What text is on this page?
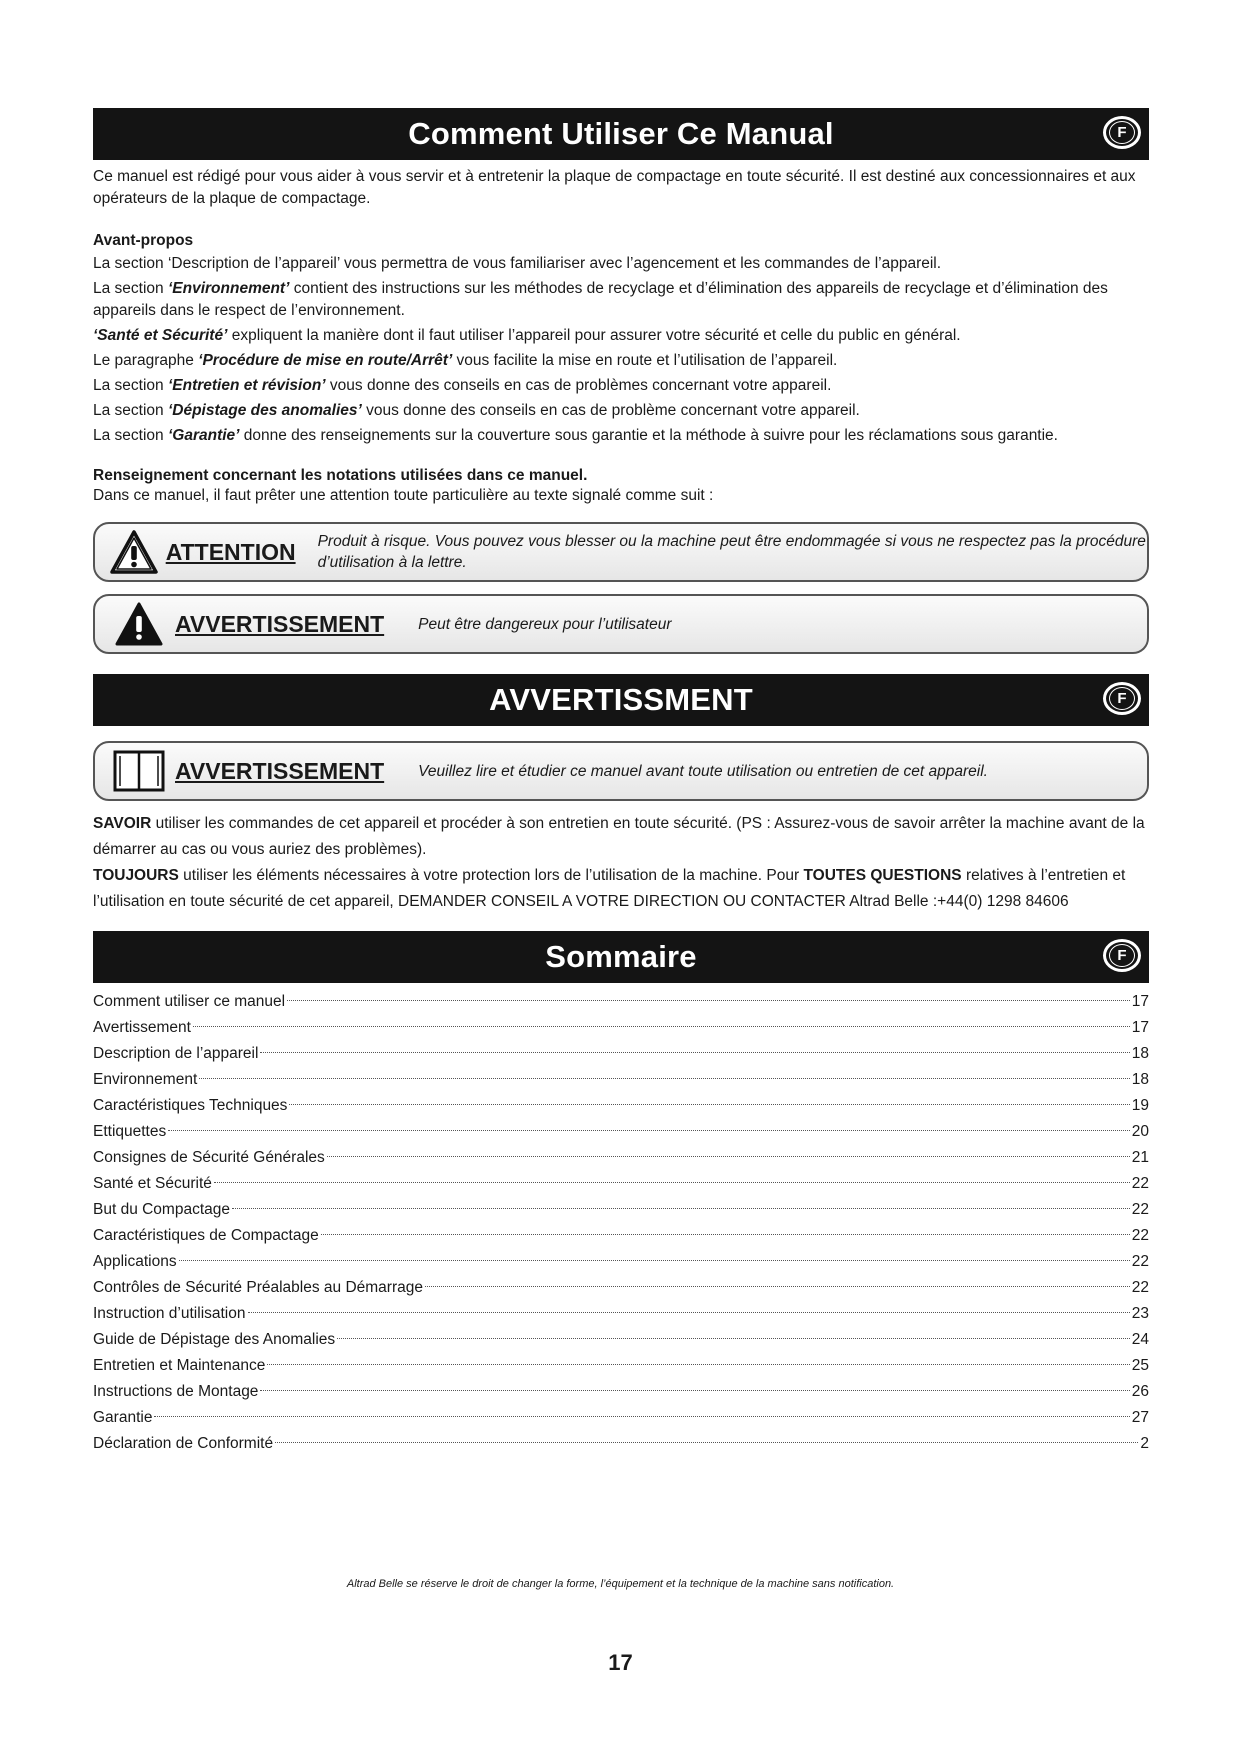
Comment Utiliser Ce Manual	F

Ce manuel est rédigé pour vous aider à vous servir et à entretenir la plaque de compactage en toute sécurité. Il est destiné aux concessionnaires et aux opérateurs de la plaque de compactage.

Avant-propos

La section ‘Description de l’appareil’ vous permettra de vous familiariser avec l’agencement et les commandes de l’appareil.

La section ‘Environnement’ contient des instructions sur les méthodes de recyclage et d’élimination des appareils de recyclage et d’élimination des appareils dans le respect de l’environnement.

‘Santé et Sécurité’ expliquent la manière dont il faut utiliser l’appareil pour assurer votre sécurité et celle du public en général.

Le paragraphe ‘Procédure de mise en route/Arrêt’ vous facilite la mise en route et l’utilisation de l’appareil.

La section ‘Entretien et révision’ vous donne des conseils en cas de problèmes concernant votre appareil.

La section ‘Dépistage des anomalies’ vous donne des conseils en cas de problème concernant votre appareil.

La section ‘Garantie’ donne des renseignements sur la couverture sous garantie et la méthode à suivre pour les réclamations sous garantie.

Renseignement concernant les notations utilisées dans ce manuel.

Dans ce manuel, il faut prêter une attention toute particulière au texte signalé comme suit :

ATTENTION Produit à risque. Vous pouvez vous blesser ou la machine peut être endommagée si vous ne respectez pas la procédure d’utilisation à la lettre.
AVVERTISSEMENT Peut être dangereux pour l’utilisateur
AVVERTISSMENT	F
AVVERTISSEMENT Veuillez lire et étudier ce manuel avant toute utilisation ou entretien de cet appareil.

SAVOIR utiliser les commandes de cet appareil et procéder à son entretien en toute sécurité. (PS : Assurez-vous de savoir arrêter la machine avant de la démarrer au cas ou vous auriez des problèmes).

TOUJOURS utiliser les éléments nécessaires à votre protection lors de l’utilisation de la machine. Pour TOUTES QUESTIONS relatives à l’entretien et l’utilisation en toute sécurité de cet appareil, DEMANDER CONSEIL A VOTRE DIRECTION OU CONTACTER Altrad Belle :+44(0) 1298 84606

Sommaire	F
Comment utiliser ce manuel	17
Avertissement	17
Description de l’appareil	18
Environnement	18
Caractéristiques Techniques	19
Ettiquettes	20
Consignes de Sécurité Générales	21
Santé et Sécurité	22
But du Compactage	22
Caractéristiques de Compactage	22
Applications	22
Contrôles de Sécurité Préalables au Démarrage	22
Instruction d’utilisation	23
Guide de Dépistage des Anomalies	24
Entretien et Maintenance	25
Instructions de Montage	26
Garantie	27
Déclaration de Conformité	2
Altrad Belle se réserve le droit de changer la forme, l’équipement et la technique de la machine sans notification.
17
